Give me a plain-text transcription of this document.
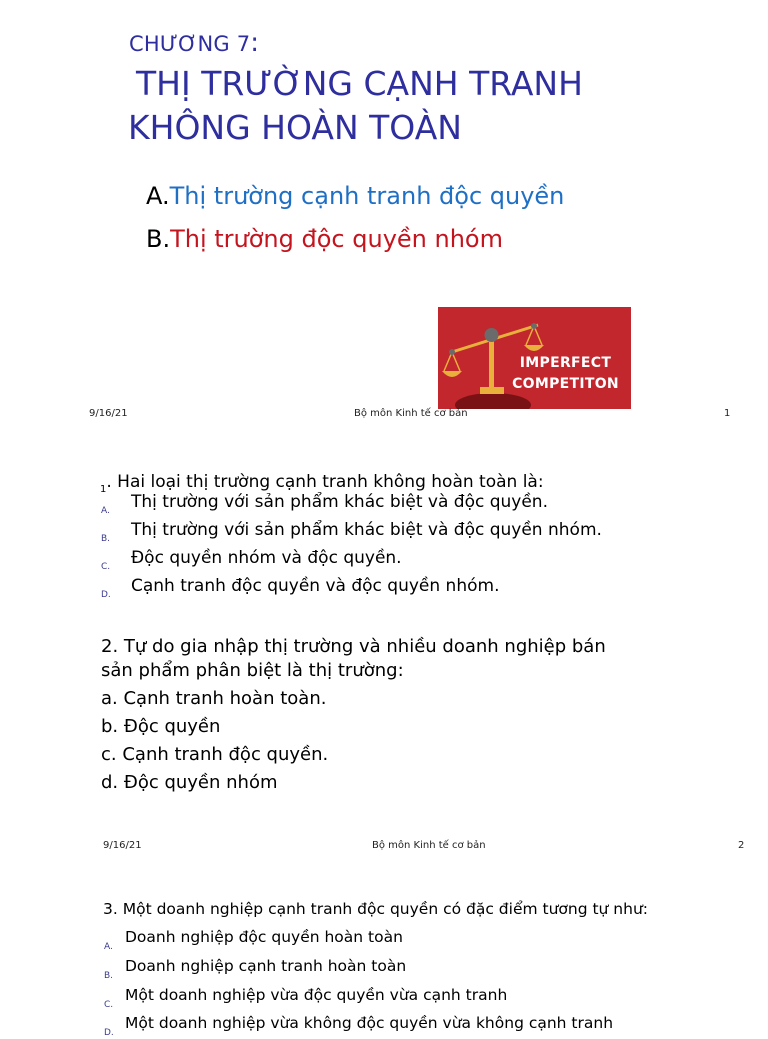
CHƯƠNG 7:
THỊ TRƯỜNG CẠNH TRANH
KHÔNG HOÀN TOÀN
A.Thị trường cạnh tranh độc quyền
B.Thị trường độc quyền nhóm
IMPERFECT
COMPETITON
9/16/21	Bộ môn Kinh tế cơ bản	1
$_1$. Hai loại thị trường cạnh tranh không hoàn toàn là:
A. Thị trường với sản phẩm khác biệt và độc quyền.
B. Thị trường với sản phẩm khác biệt và độc quyền nhóm.
C. Độc quyền nhóm và độc quyền.
D. Cạnh tranh độc quyền và độc quyền nhóm.
2. Tự do gia nhập thị trường và nhiều doanh nghiệp bán
sản phẩm phân biệt là thị trường:
a. Cạnh tranh hoàn toàn.
b. Độc quyền
c. Cạnh tranh độc quyền.
d. Độc quyền nhóm
9/16/21	Bộ môn Kinh tế cơ bản	2
3. Một doanh nghiệp cạnh tranh độc quyền có đặc điểm tương tự như:
A.
Doanh nghiệp độc quyền hoàn toàn
B.
Doanh nghiệp cạnh tranh hoàn toàn
C.
Một doanh nghiệp vừa độc quyền vừa cạnh tranh
D.
Một doanh nghiệp vừa không độc quyền vừa không cạnh tranh
